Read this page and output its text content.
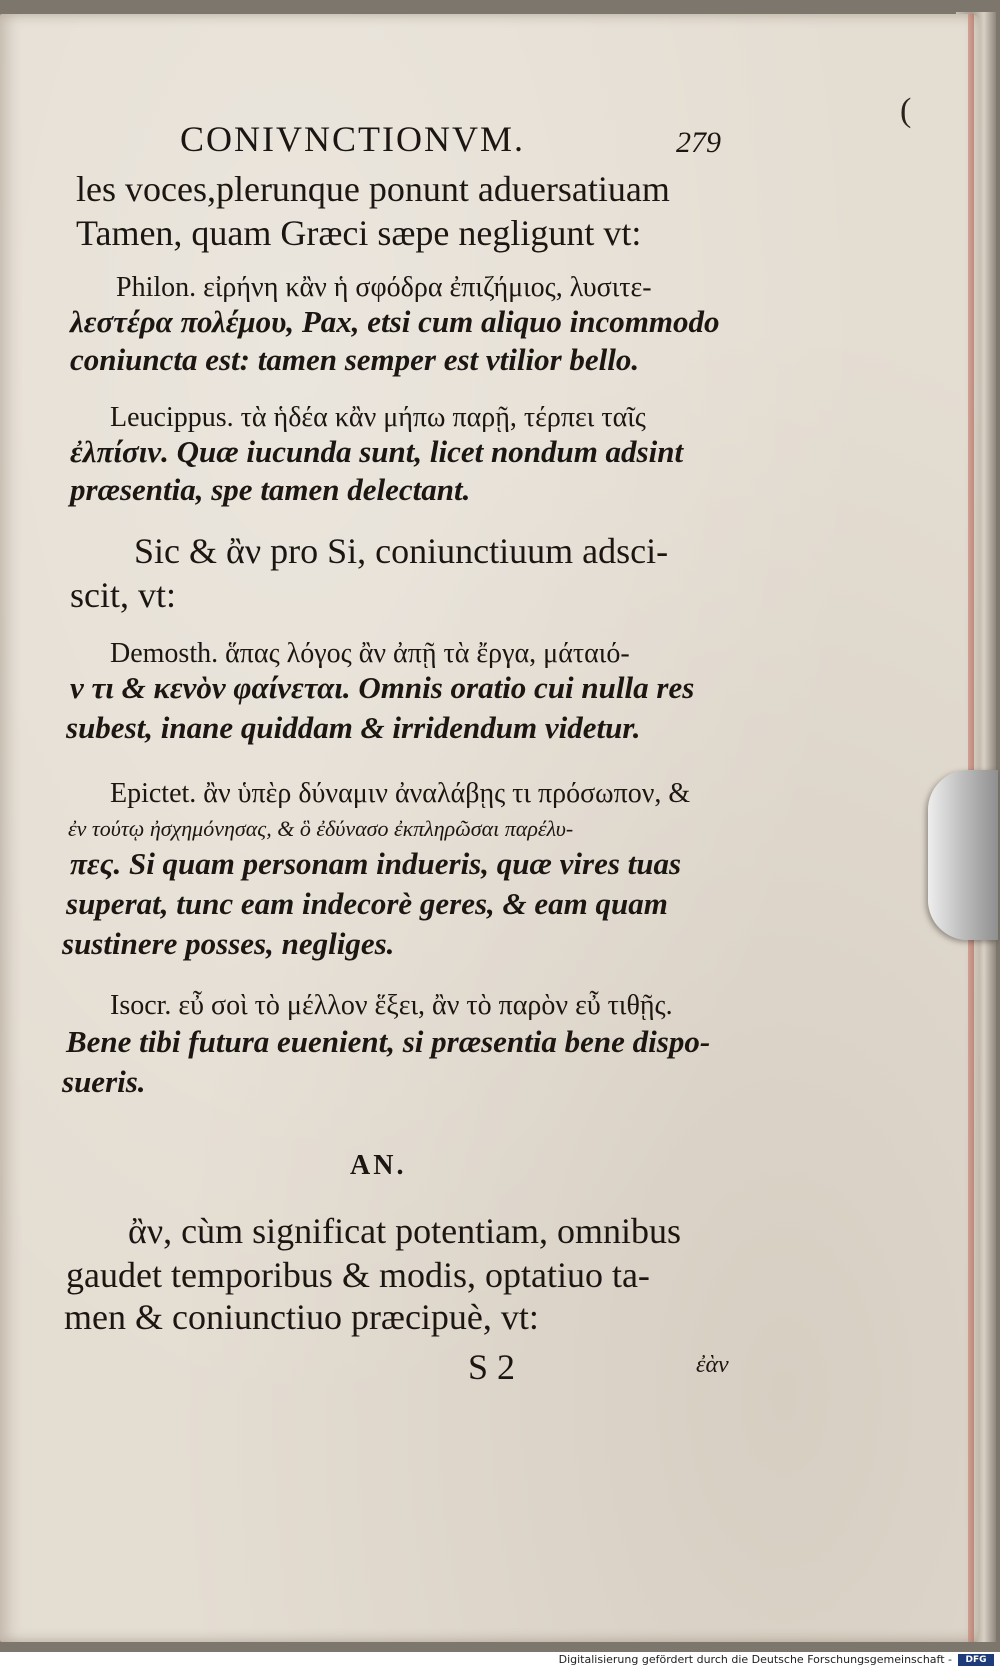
(
CONIVNCTIONVM.	279
les voces,plerunque ponunt aduersatiuam
Tamen, quam Græci sæpe negligunt vt:
Philon. εἰρήνη κἂν ἡ σφόδρα ἐπιζήμιος, λυσιτε-
λεστέρα πολέμου, Pax, etsi cum aliquo incommodo
coniuncta est: tamen semper est vtilior bello.
Leucippus. τὰ ἡδέα κἂν μήπω παρῇ, τέρπει ταῖς
ἐλπίσιν. Quæ iucunda sunt, licet nondum adsint
præsentia, spe tamen delectant.
Sic & ἂν pro Si, coniunctiuum adsci-
scit, vt:
Demosth. ἅπας λόγος ἂν ἀπῇ τὰ ἔργα, μάταιό-
ν τι & κενὸν φαίνεται. Omnis oratio cui nulla res
subest, inane quiddam & irridendum videtur.
Epictet. ἂν ὑπὲρ δύναμιν ἀναλάβῃς τι πρόσωπον, &
ἐν τούτῳ ἠσχημόνησας, & ὃ ἐδύνασο ἐκπληρῶσαι παρέλυ-
πες. Si quam personam indueris, quæ vires tuas
superat, tunc eam indecorè geres, & eam quam
sustinere posses, negliges.
Isocr. εὖ σοὶ τὸ μέλλον ἕξει, ἂν τὸ παρὸν εὖ τιθῇς.
Bene tibi futura euenient, si præsentia bene dispo-
sueris.
AN.
ἂν, cùm significat potentiam, omnibus
gaudet temporibus & modis, optatiuo ta-
men & coniunctiuo præcipuè, vt:
S 2	ἐὰν
Digitalisierung gefördert durch die Deutsche Forschungsgemeinschaft -	DFG
